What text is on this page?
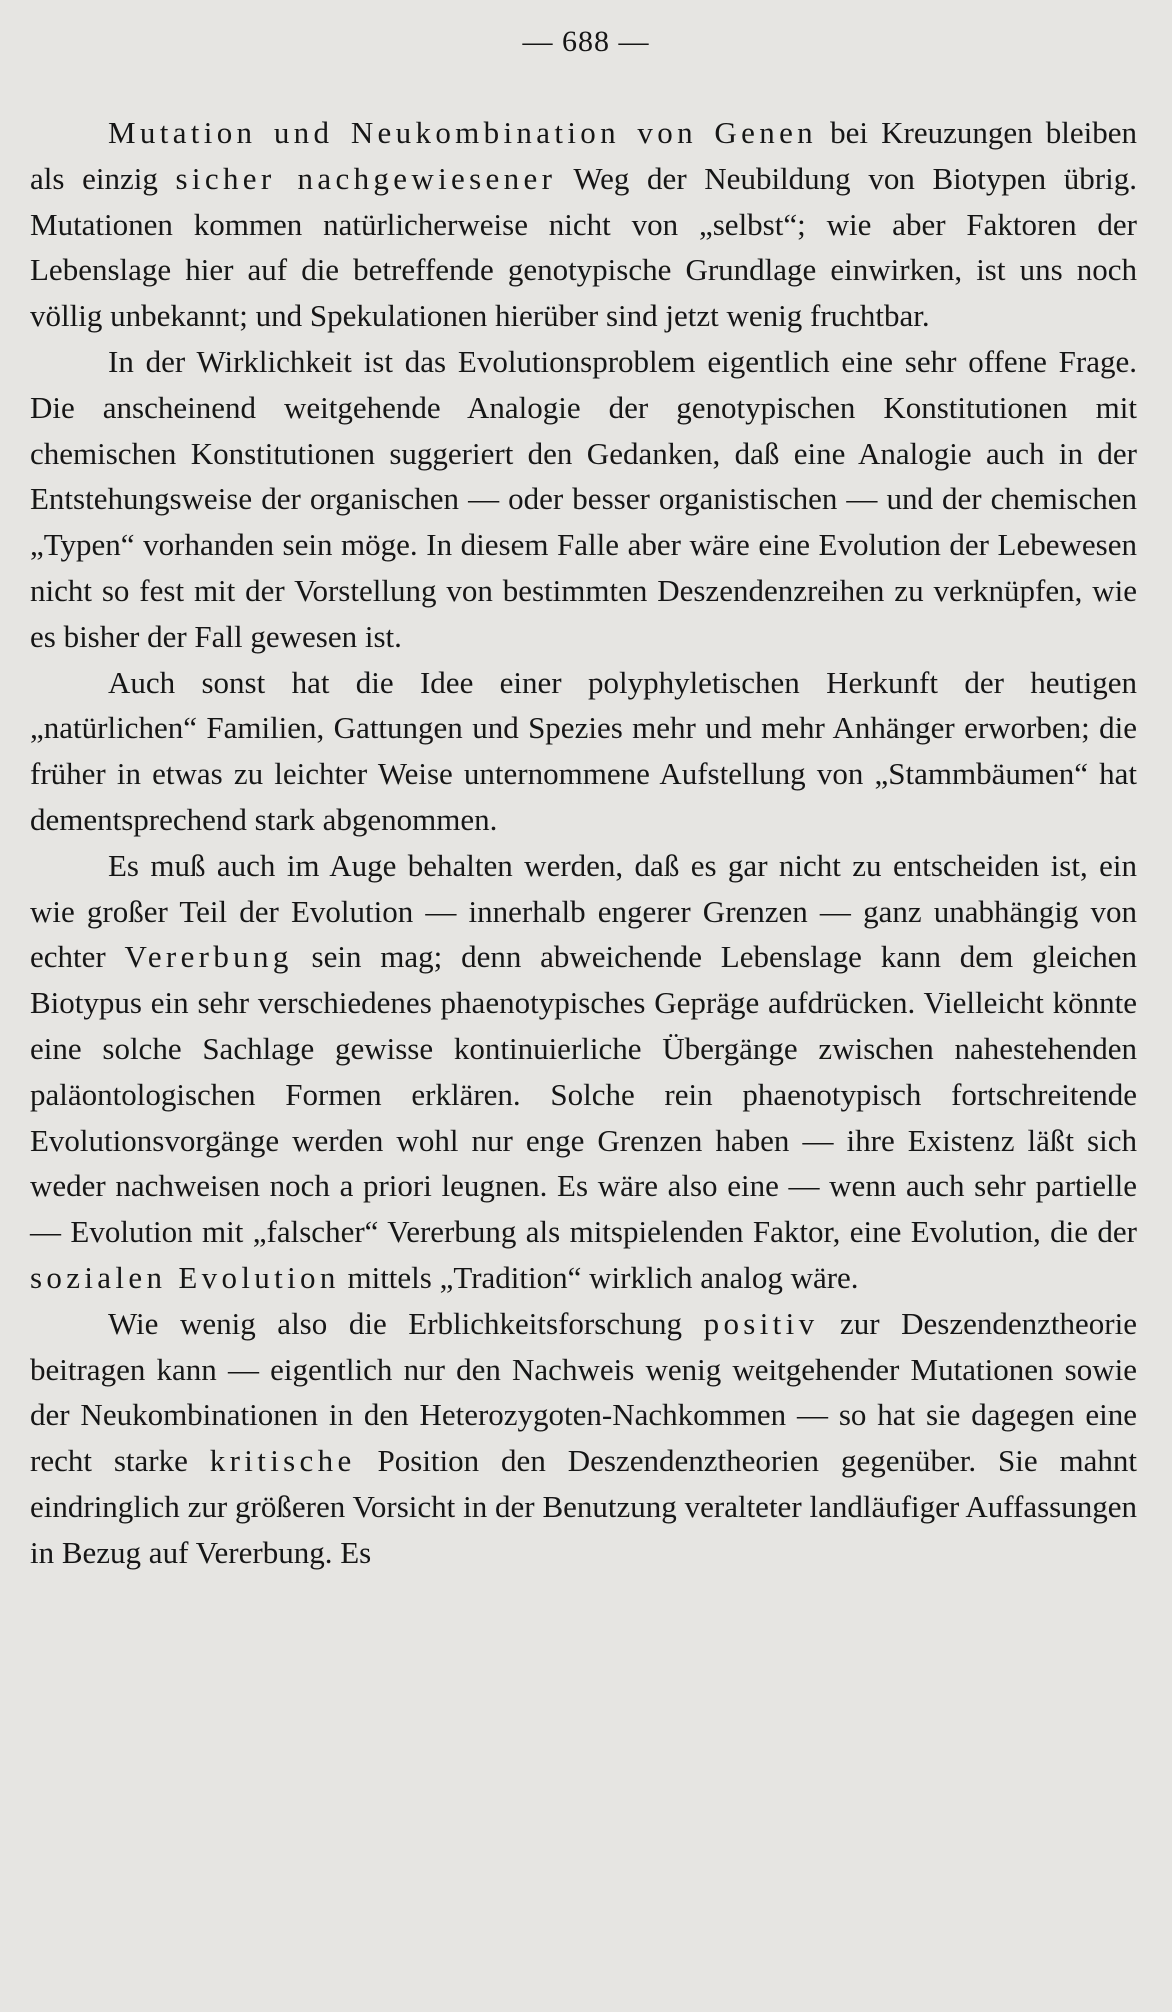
— 688 —

Mutation und Neukombination von Genen bei Kreuzungen bleiben als einzig sicher nachgewiesener Weg der Neubildung von Biotypen übrig. Mutationen kommen natürlicherweise nicht von „selbst“; wie aber Faktoren der Lebenslage hier auf die betreffende genotypische Grundlage einwirken, ist uns noch völlig unbekannt; und Spekulationen hierüber sind jetzt wenig fruchtbar.

In der Wirklichkeit ist das Evolutionsproblem eigentlich eine sehr offene Frage. Die anscheinend weitgehende Analogie der genotypischen Konstitutionen mit chemischen Konstitutionen suggeriert den Gedanken, daß eine Analogie auch in der Entstehungsweise der organischen — oder besser organistischen — und der chemischen „Typen“ vorhanden sein möge. In diesem Falle aber wäre eine Evolution der Lebewesen nicht so fest mit der Vorstellung von bestimmten Deszendenzreihen zu verknüpfen, wie es bisher der Fall gewesen ist.

Auch sonst hat die Idee einer polyphyletischen Herkunft der heutigen „natürlichen“ Familien, Gattungen und Spezies mehr und mehr Anhänger erworben; die früher in etwas zu leichter Weise unternommene Aufstellung von „Stammbäumen“ hat dementsprechend stark abgenommen.

Es muß auch im Auge behalten werden, daß es gar nicht zu entscheiden ist, ein wie großer Teil der Evolution — innerhalb engerer Grenzen — ganz unabhängig von echter Vererbung sein mag; denn abweichende Lebenslage kann dem gleichen Biotypus ein sehr verschiedenes phaenotypisches Gepräge aufdrücken. Vielleicht könnte eine solche Sachlage gewisse kontinuierliche Übergänge zwischen nahestehenden paläontologischen Formen erklären. Solche rein phaenotypisch fortschreitende Evolutionsvorgänge werden wohl nur enge Grenzen haben — ihre Existenz läßt sich weder nachweisen noch a priori leugnen. Es wäre also eine — wenn auch sehr partielle — Evolution mit „falscher“ Vererbung als mitspielenden Faktor, eine Evolution, die der sozialen Evolution mittels „Tradition“ wirklich analog wäre.

Wie wenig also die Erblichkeitsforschung positiv zur Deszendenztheorie beitragen kann — eigentlich nur den Nachweis wenig weitgehender Mutationen sowie der Neukombinationen in den Heterozygoten-Nachkommen — so hat sie dagegen eine recht starke kritische Position den Deszendenztheorien gegenüber. Sie mahnt eindringlich zur größeren Vorsicht in der Benutzung veralteter landläufiger Auffassungen in Bezug auf Vererbung. Es
